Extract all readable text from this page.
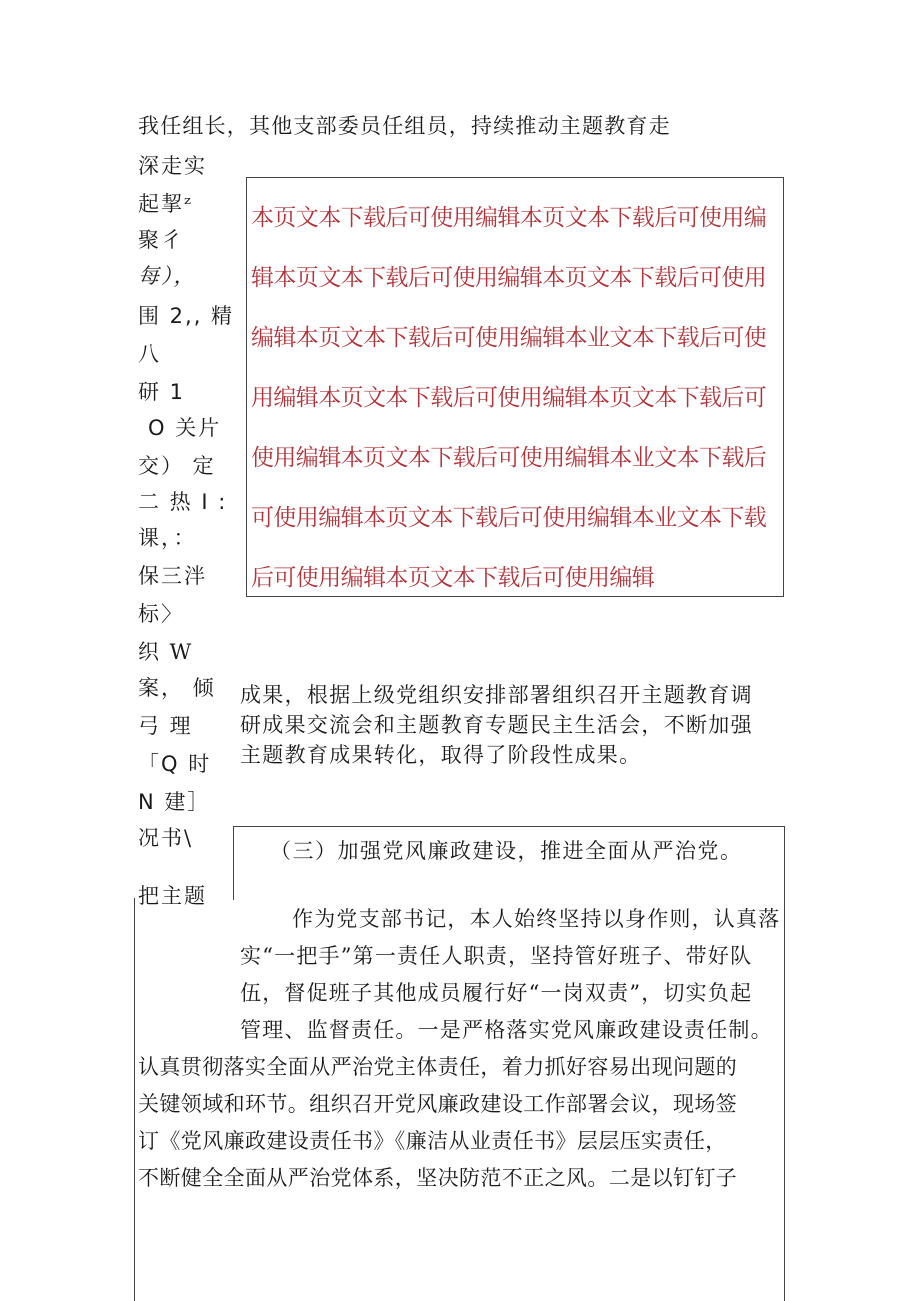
我任组长，其他支部委员任组员，持续推动主题教育走
深走实
起挈ᶻ
聚彳
每），
围 2,, 精
八
研 1
O 关片
交） 定
二 热 I :
课，：
保三泮
标〉
织 W
案， 倾
弓 理
「Q 时
N 建］
况书\
把主题
本页文本下载后可使用编辑本页文本下载后可使用编
辑本页文本下载后可使用编辑本页文本下载后可使用
编辑本页文本下载后可使用编辑本业文本下载后可使
用编辑本页文本下载后可使用编辑本页文本下载后可
使用编辑本页文本下载后可使用编辑本业文本下载后
可使用编辑本页文本下载后可使用编辑本业文本下载
后可使用编辑本页文本下载后可使用编辑
成果，根据上级党组织安排部署组织召开主题教育调
研成果交流会和主题教育专题民主生活会，不断加强
主题教育成果转化，取得了阶段性成果。
（三）加强党风廉政建设，推进全面从严治党。
作为党支部书记，本人始终坚持以身作则，认真落
实“一把手”第一责任人职责，坚持管好班子、带好队
伍，督促班子其他成员履行好“一岗双责”，切实负起
管理、监督责任。一是严格落实党风廉政建设责任制。
认真贯彻落实全面从严治党主体责任，着力抓好容易出现问题的
关键领域和环节。组织召开党风廉政建设工作部署会议，现场签
订《党风廉政建设责任书》《廉洁从业责任书》层层压实责任，
不断健全全面从严治党体系，坚决防范不正之风。二是以钉钉子
